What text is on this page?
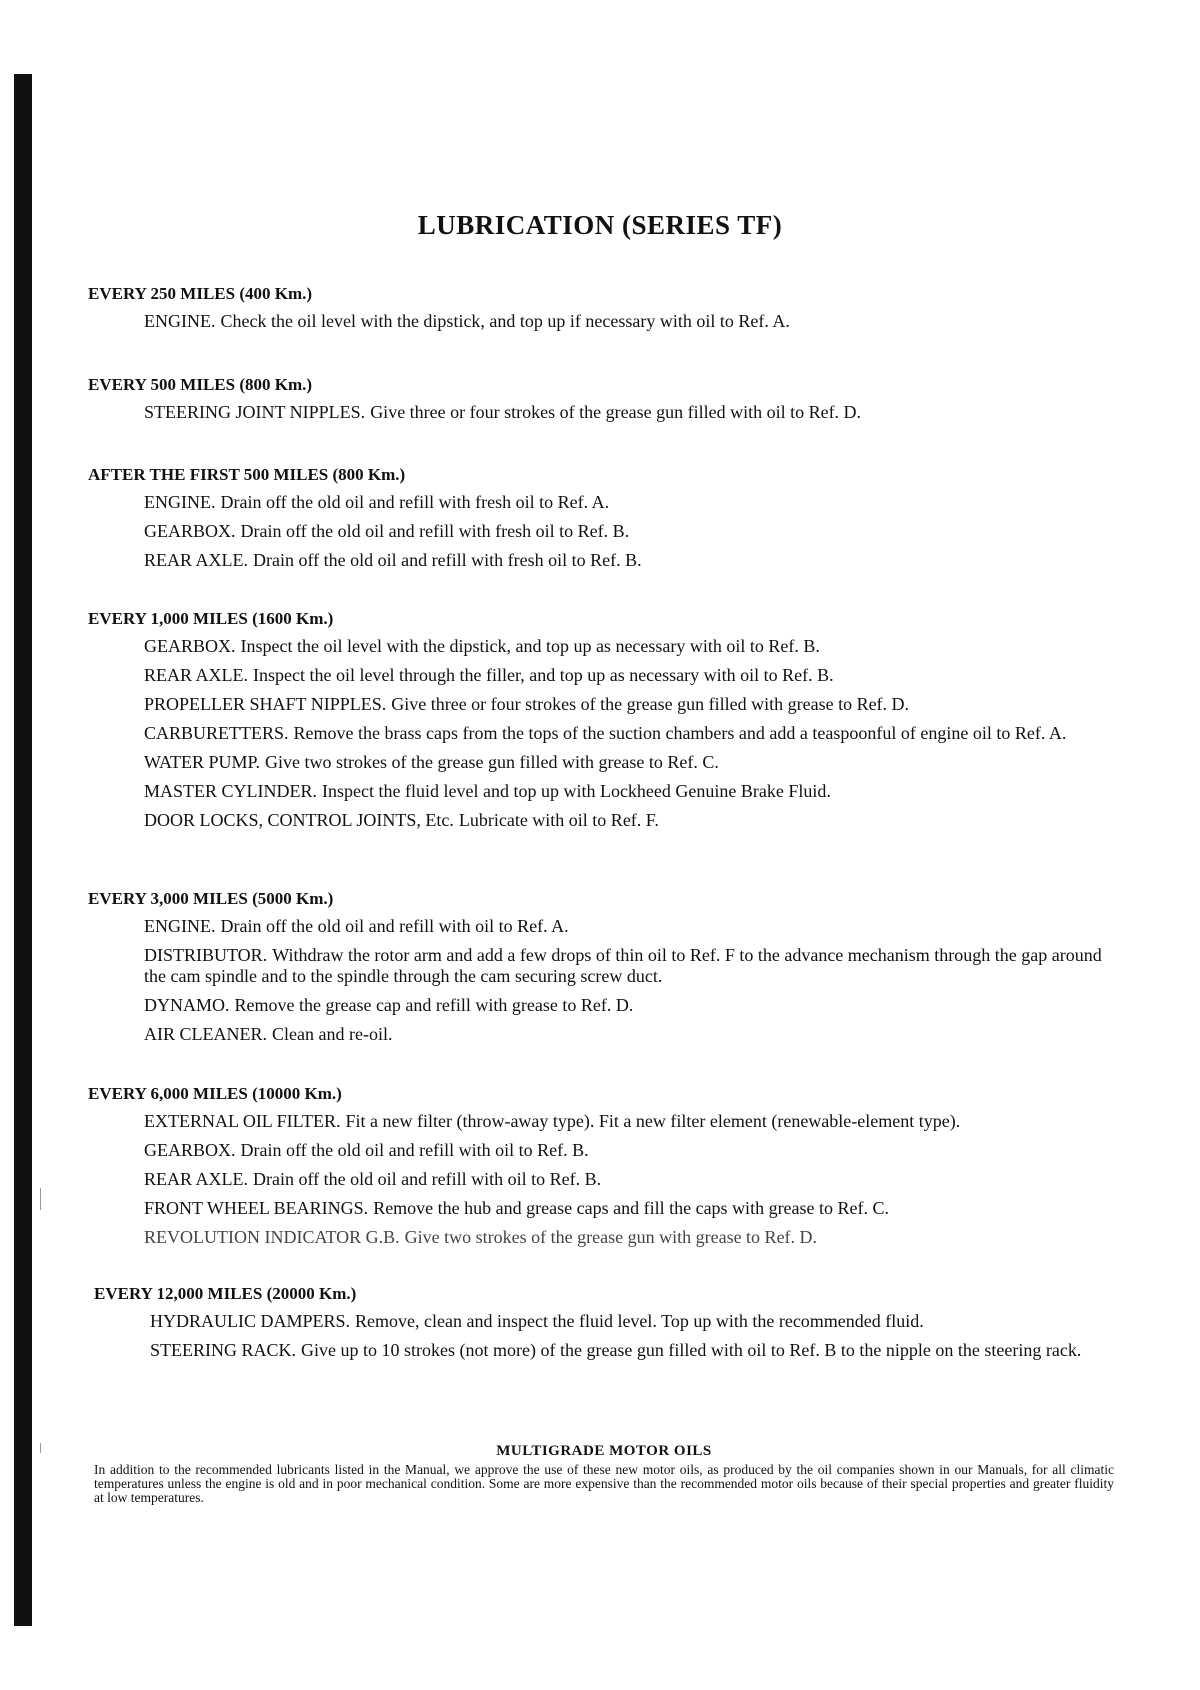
LUBRICATION (SERIES TF)
EVERY 250 MILES (400 Km.)
ENGINE. Check the oil level with the dipstick, and top up if necessary with oil to Ref. A.
EVERY 500 MILES (800 Km.)
STEERING JOINT NIPPLES. Give three or four strokes of the grease gun filled with oil to Ref. D.
AFTER THE FIRST 500 MILES (800 Km.)
ENGINE. Drain off the old oil and refill with fresh oil to Ref. A.
GEARBOX. Drain off the old oil and refill with fresh oil to Ref. B.
REAR AXLE. Drain off the old oil and refill with fresh oil to Ref. B.
EVERY 1,000 MILES (1600 Km.)
GEARBOX. Inspect the oil level with the dipstick, and top up as necessary with oil to Ref. B.
REAR AXLE. Inspect the oil level through the filler, and top up as necessary with oil to Ref. B.
PROPELLER SHAFT NIPPLES. Give three or four strokes of the grease gun filled with grease to Ref. D.
CARBURETTERS. Remove the brass caps from the tops of the suction chambers and add a teaspoonful of engine oil to Ref. A.
WATER PUMP. Give two strokes of the grease gun filled with grease to Ref. C.
MASTER CYLINDER. Inspect the fluid level and top up with Lockheed Genuine Brake Fluid.
DOOR LOCKS, CONTROL JOINTS, Etc. Lubricate with oil to Ref. F.
EVERY 3,000 MILES (5000 Km.)
ENGINE. Drain off the old oil and refill with oil to Ref. A.
DISTRIBUTOR. Withdraw the rotor arm and add a few drops of thin oil to Ref. F to the advance mechanism through the gap around the cam spindle and to the spindle through the cam securing screw duct.
DYNAMO. Remove the grease cap and refill with grease to Ref. D.
AIR CLEANER. Clean and re-oil.
EVERY 6,000 MILES (10000 Km.)
EXTERNAL OIL FILTER. Fit a new filter (throw-away type). Fit a new filter element (renewable-element type).
GEARBOX. Drain off the old oil and refill with oil to Ref. B.
REAR AXLE. Drain off the old oil and refill with oil to Ref. B.
FRONT WHEEL BEARINGS. Remove the hub and grease caps and fill the caps with grease to Ref. C.
REVOLUTION INDICATOR G.B. Give two strokes of the grease gun with grease to Ref. D.
EVERY 12,000 MILES (20000 Km.)
HYDRAULIC DAMPERS. Remove, clean and inspect the fluid level. Top up with the recommended fluid.
STEERING RACK. Give up to 10 strokes (not more) of the grease gun filled with oil to Ref. B to the nipple on the steering rack.
MULTIGRADE MOTOR OILS

In addition to the recommended lubricants listed in the Manual, we approve the use of these new motor oils, as produced by the oil companies shown in our Manuals, for all climatic temperatures unless the engine is old and in poor mechanical condition. Some are more expensive than the recommended motor oils because of their special properties and greater fluidity at low temperatures.
